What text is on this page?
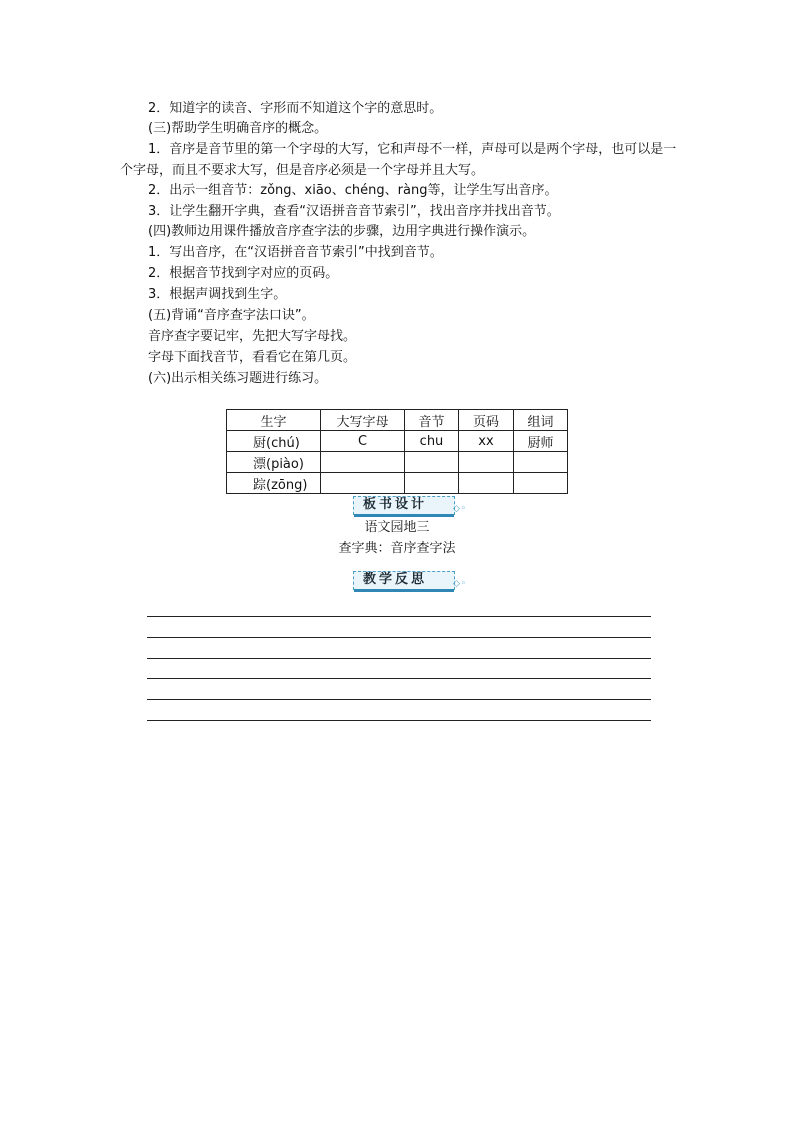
2．知道字的读音、字形而不知道这个字的意思时。
(三)帮助学生明确音序的概念。
1．音序是音节里的第一个字母的大写，它和声母不一样，声母可以是两个字母，也可以是一个字母，而且不要求大写，但是音序必须是一个字母并且大写。
2．出示一组音节：zǒng、xiāo、chéng、ràng等，让学生写出音序。
3．让学生翻开字典，查看“汉语拼音音节索引”，找出音序并找出音节。
(四)教师边用课件播放音序查字法的步骤，边用字典进行操作演示。
1．写出音序，在“汉语拼音音节索引”中找到音节。
2．根据音节找到字对应的页码。
3．根据声调找到生字。
(五)背诵“音序查字法口诀”。
音序查字要记牢，先把大写字母找。
字母下面找音节，看看它在第几页。
(六)出示相关练习题进行练习。
生字	大写字母	音节	页码	组词
厨(chú)	C	chu	xx	厨师
漂(piào)				
踪(zōng)				
板书设计	◇◦
语文园地三
查字典：音序查字法
教学反思	◇◦
